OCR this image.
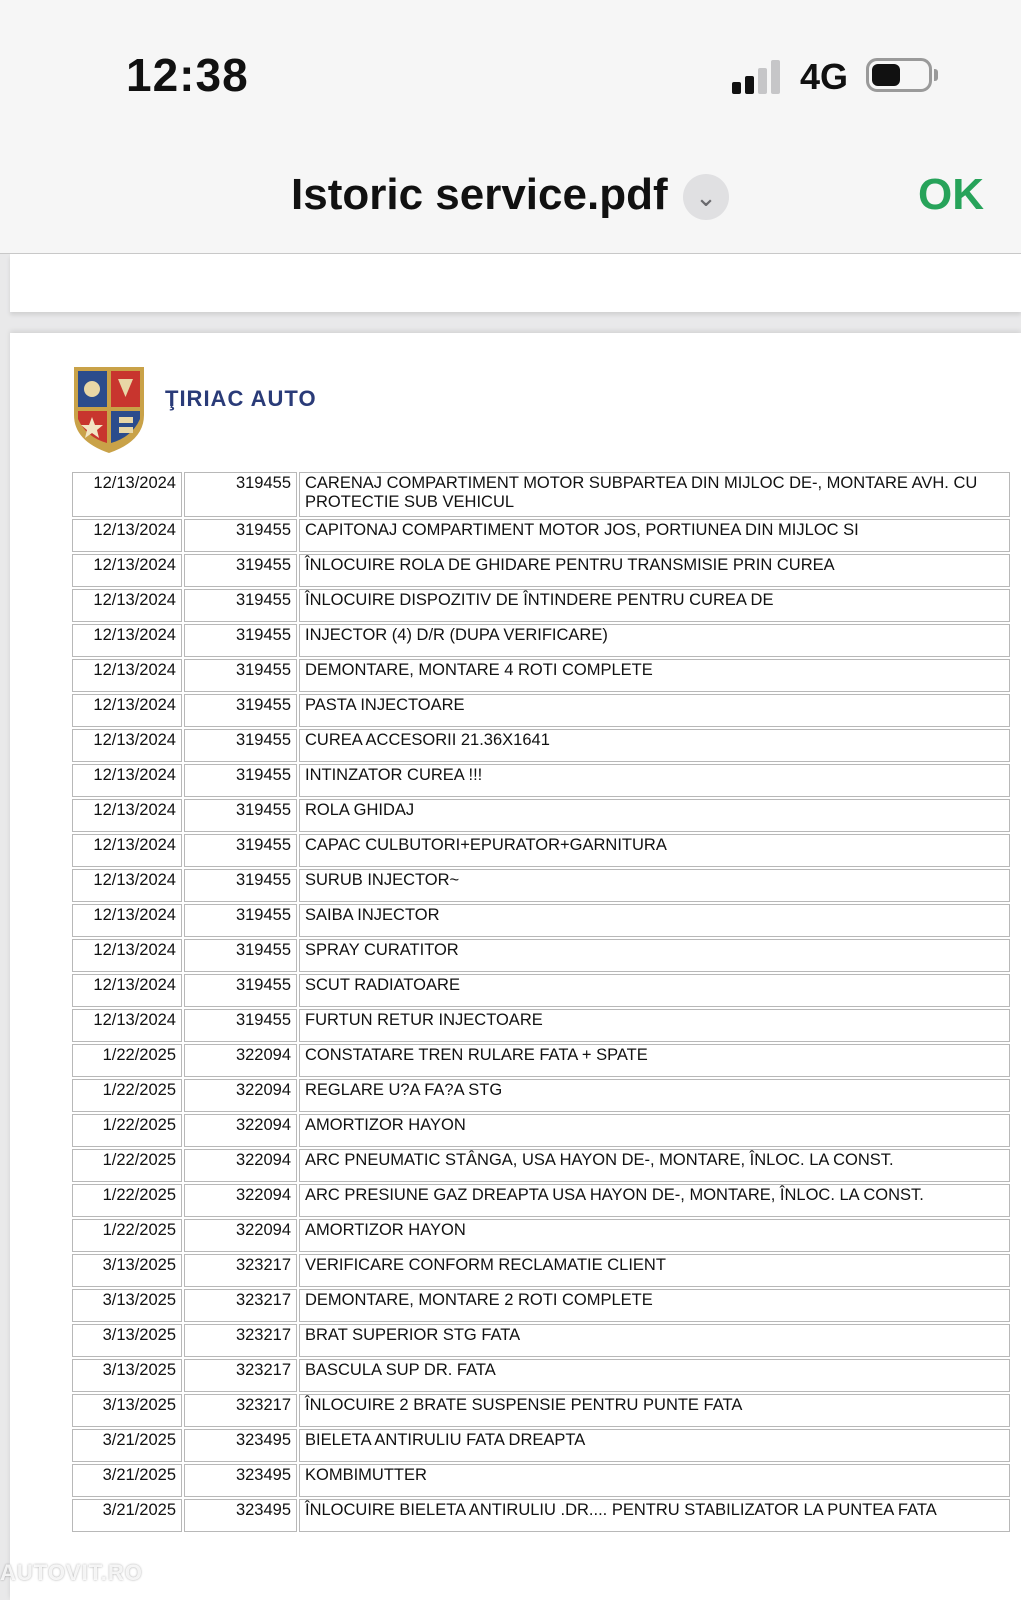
12:38	4G
Istoric service.pdf	⌄	OK
ŢIRIAC AUTO
12/13/2024	319455	CARENAJ COMPARTIMENT MOTOR SUBPARTEA DIN MIJLOC DE-, MONTARE AVH. CU PROTECTIE SUB VEHICUL
12/13/2024	319455	CAPITONAJ COMPARTIMENT MOTOR JOS, PORTIUNEA DIN MIJLOC SI
12/13/2024	319455	ÎNLOCUIRE ROLA DE GHIDARE PENTRU TRANSMISIE PRIN CUREA
12/13/2024	319455	ÎNLOCUIRE DISPOZITIV DE ÎNTINDERE PENTRU CUREA DE
12/13/2024	319455	INJECTOR (4) D/R (DUPA VERIFICARE)
12/13/2024	319455	DEMONTARE, MONTARE 4 ROTI COMPLETE
12/13/2024	319455	PASTA INJECTOARE
12/13/2024	319455	CUREA ACCESORII 21.36X1641
12/13/2024	319455	INTINZATOR CUREA !!!
12/13/2024	319455	ROLA GHIDAJ
12/13/2024	319455	CAPAC CULBUTORI+EPURATOR+GARNITURA
12/13/2024	319455	SURUB INJECTOR~
12/13/2024	319455	SAIBA INJECTOR
12/13/2024	319455	SPRAY CURATITOR
12/13/2024	319455	SCUT RADIATOARE
12/13/2024	319455	FURTUN RETUR INJECTOARE
1/22/2025	322094	CONSTATARE TREN RULARE FATA + SPATE
1/22/2025	322094	REGLARE U?A FA?A STG
1/22/2025	322094	AMORTIZOR HAYON
1/22/2025	322094	ARC PNEUMATIC STÂNGA, USA HAYON DE-, MONTARE, ÎNLOC. LA CONST.
1/22/2025	322094	ARC PRESIUNE GAZ DREAPTA USA HAYON DE-, MONTARE, ÎNLOC. LA CONST.
1/22/2025	322094	AMORTIZOR HAYON
3/13/2025	323217	VERIFICARE CONFORM RECLAMATIE CLIENT
3/13/2025	323217	DEMONTARE, MONTARE 2 ROTI COMPLETE
3/13/2025	323217	BRAT SUPERIOR STG FATA
3/13/2025	323217	BASCULA SUP DR. FATA
3/13/2025	323217	ÎNLOCUIRE 2 BRATE SUSPENSIE PENTRU PUNTE FATA
3/21/2025	323495	BIELETA ANTIRULIU FATA DREAPTA
3/21/2025	323495	KOMBIMUTTER
3/21/2025	323495	ÎNLOCUIRE BIELETA ANTIRULIU .DR.... PENTRU STABILIZATOR LA PUNTEA FATA
AUTOVIT.RO
